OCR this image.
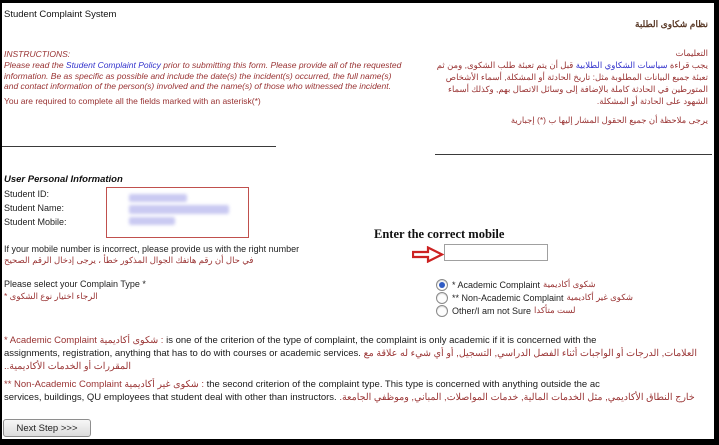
Student Complaint System
نظام شكاوى الطلبة
INSTRUCTIONS:
Please read the Student Complaint Policy prior to submitting this form. Please provide all of the requested information. Be as specific as possible and include the date(s) the incident(s) occurred, the full name(s) and contact information of the person(s) involved and the name(s) of those who witnessed the incident.
You are required to complete all the fields marked with an asterisk(*)
التعليمات
يجب قراءة سياسات الشكاوي الطلابية قبل أن يتم تعبئة طلب الشكوى, ومن ثم تعبئة جميع البيانات المطلوبة مثل: تاريخ الحادثة أو المشكلة, أسماء الأشخاص المتورطين في الحادثة كاملة بالإضافة إلى وسائل الاتصال بهم, وكذلك أسماء الشهود على الحادثة أو المشكلة.
يرجى ملاحظة أن جميع الحقول المشار إليها ب (*) إجبارية
User Personal Information
Student ID:
Student Name:
Student Mobile:
If your mobile number is incorrect, please provide us with the right number
في حال أن رقم هاتفك الجوال المذكور خطأ ، يرجى إدخال الرقم الصحيح
Enter the correct mobile
Please select your Complain Type *
الرجاء اختيار نوع الشكوى *
* Academic Complaint شكوى أكاديمية
** Non-Academic Complaint شكوى غير أكاديمية
Other/I am not Sure لست متأكدا
* Academic Complaint شكوى أكاديمية : is one of the criterion of the type of complaint, the complaint is only academic if it is concerned with the
assignments, registration, anything that has to do with courses or academic services. العلامات, الدرجات أو الواجبات أثناء الفصل الدراسي, التسجيل, أو أي شيء له علاقة مع
المقررات أو الخدمات الأكاديمية..
** Non-Academic Complaint شكوى غير أكاديمية : the second criterion of the complaint type. This type is concerned with anything outside the ac
services, buildings, QU employees that student deal with other than instructors. خارج النطاق الأكاديمي, مثل الخدمات المالية, خدمات المواصلات, المباني, وموظفي الجامعة.
Next Step >>>
